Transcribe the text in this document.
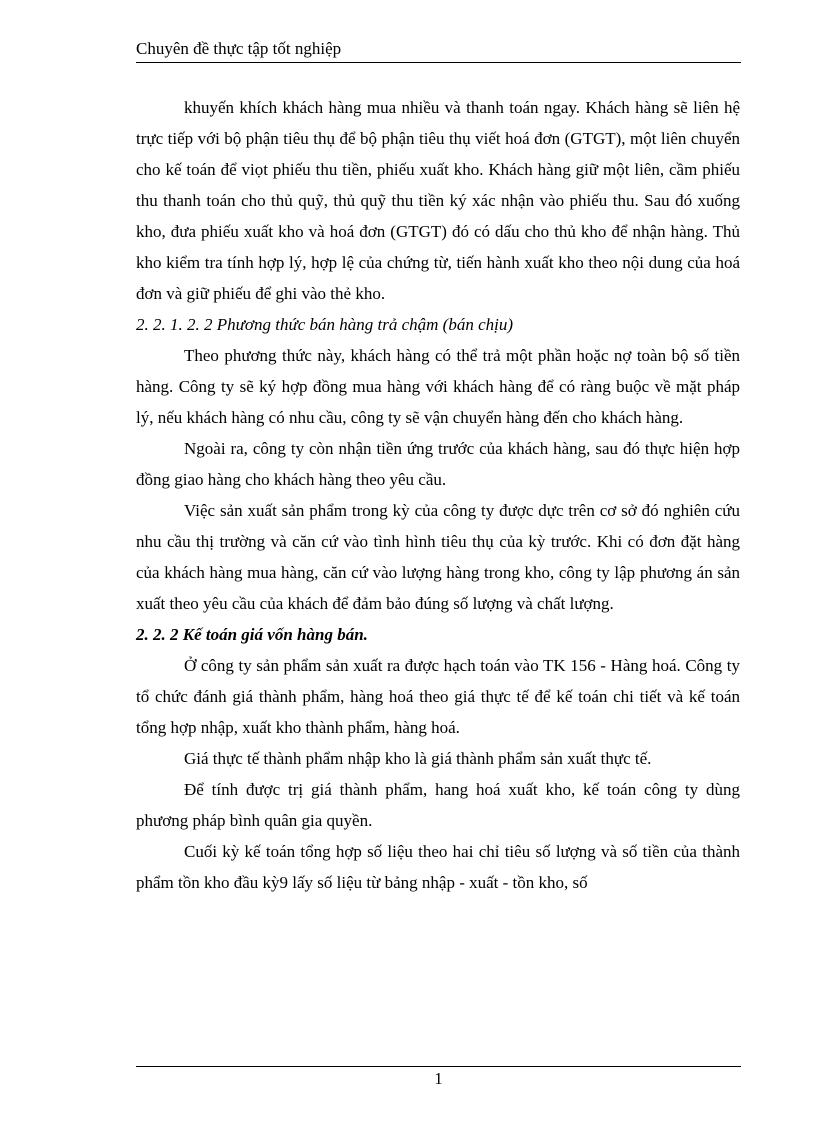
Chuyên đề thực tập tốt nghiệp

khuyến khích khách hàng mua nhiều và thanh toán ngay. Khách hàng sẽ liên hệ trực tiếp với bộ phận tiêu thụ để bộ phận tiêu thụ viết hoá đơn (GTGT), một liên chuyển cho kế toán để viọt phiếu thu tiền, phiếu xuất kho. Khách hàng giữ một liên, cầm phiếu thu thanh toán cho thủ quỹ, thủ quỹ thu tiền ký xác nhận vào phiếu thu. Sau đó xuống kho, đưa phiếu xuất kho và hoá đơn (GTGT) đó có dấu cho thủ kho để nhận hàng. Thủ kho kiểm tra tính hợp lý, hợp lệ của chứng từ, tiến hành xuất kho theo nội dung của hoá đơn và giữ phiếu để ghi vào thẻ kho.

2. 2. 1. 2. 2 Phương thức bán hàng trả chậm (bán chịu)

Theo phương thức này, khách hàng có thể trả một phần hoặc nợ toàn bộ số tiền hàng. Công ty sẽ ký hợp đồng mua hàng với khách hàng để có ràng buộc về mặt pháp lý, nếu khách hàng có nhu cầu, công ty sẽ vận chuyển hàng đến cho khách hàng.

Ngoài ra, công ty còn nhận tiền ứng trước của khách hàng, sau đó thực hiện hợp đồng giao hàng cho khách hàng theo yêu cầu.

Việc sản xuất sản phẩm trong kỳ của công ty được dực trên cơ sở đó nghiên cứu nhu cầu thị trường và căn cứ vào tình hình tiêu thụ của kỳ trước. Khi có đơn đặt hàng của khách hàng mua hàng, căn cứ vào lượng hàng trong kho, công ty lập phương án sản xuất theo yêu cầu của khách để đảm bảo đúng số lượng và chất lượng.

2. 2. 2 Kế toán giá vốn hàng bán.

Ở công ty sản phẩm sản xuất ra được hạch toán vào TK 156 - Hàng hoá. Công ty tổ chức đánh giá thành phẩm, hàng hoá theo giá thực tế để kế toán chi tiết và kế toán tổng hợp nhập, xuất kho thành phẩm, hàng hoá.

Giá thực tế thành phẩm nhập kho là giá thành phẩm sản xuất thực tế.

Để tính được trị giá thành phẩm, hang hoá xuất kho, kế toán công ty dùng phương pháp bình quân gia quyền.

Cuối kỳ kế toán tổng hợp số liệu theo hai chỉ tiêu số lượng và số tiền của thành phẩm tồn kho đầu kỳ9 lấy số liệu từ bảng nhập - xuất - tồn kho, số

1
